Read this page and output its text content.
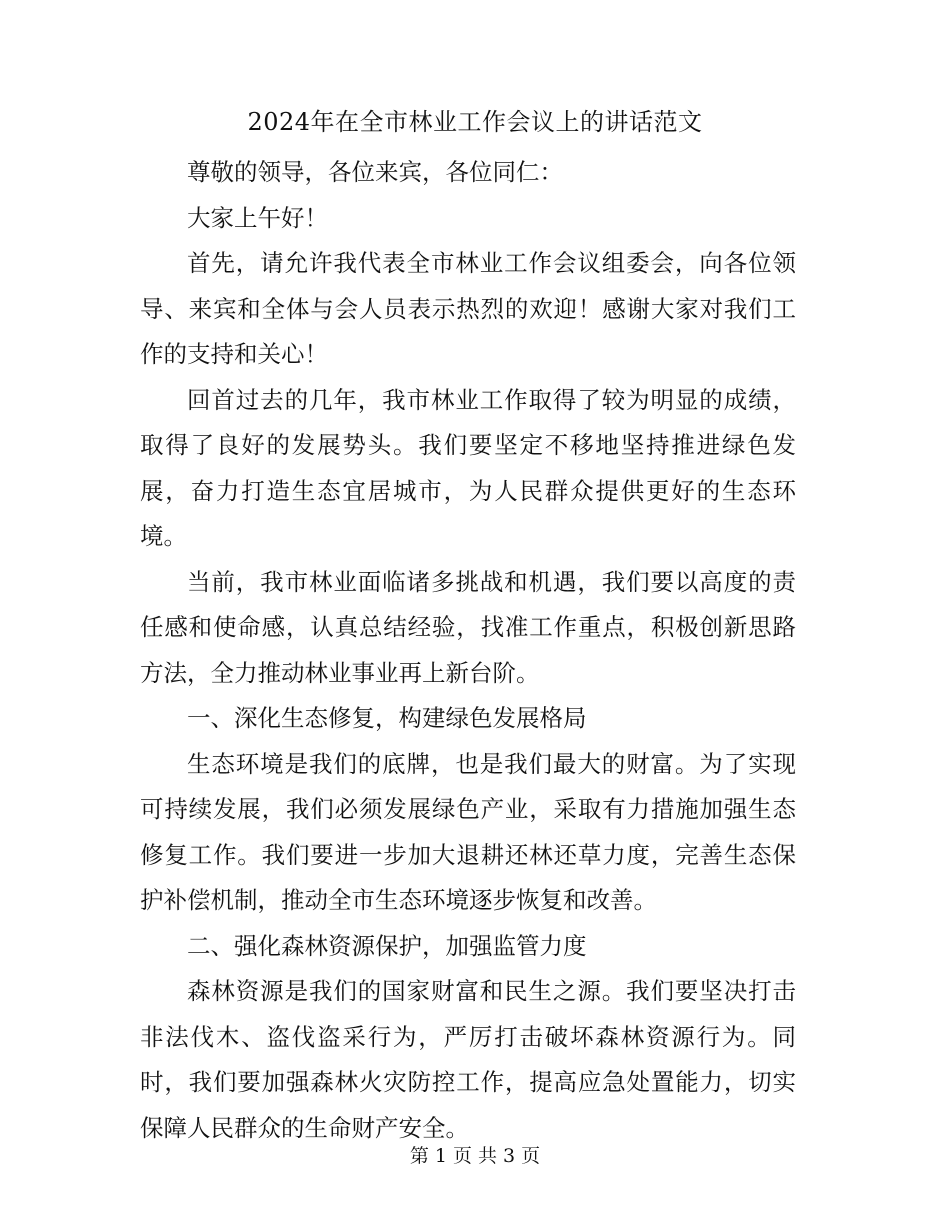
2024年在全市林业工作会议上的讲话范文

尊敬的领导，各位来宾，各位同仁：

大家上午好！

首先，请允许我代表全市林业工作会议组委会，向各位领导、来宾和全体与会人员表示热烈的欢迎！感谢大家对我们工作的支持和关心！

回首过去的几年，我市林业工作取得了较为明显的成绩，取得了良好的发展势头。我们要坚定不移地坚持推进绿色发展，奋力打造生态宜居城市，为人民群众提供更好的生态环境。

当前，我市林业面临诸多挑战和机遇，我们要以高度的责任感和使命感，认真总结经验，找准工作重点，积极创新思路方法，全力推动林业事业再上新台阶。

一、深化生态修复，构建绿色发展格局

生态环境是我们的底牌，也是我们最大的财富。为了实现可持续发展，我们必须发展绿色产业，采取有力措施加强生态修复工作。我们要进一步加大退耕还林还草力度，完善生态保护补偿机制，推动全市生态环境逐步恢复和改善。

二、强化森林资源保护，加强监管力度

森林资源是我们的国家财富和民生之源。我们要坚决打击非法伐木、盗伐盗采行为，严厉打击破坏森林资源行为。同时，我们要加强森林火灾防控工作，提高应急处置能力，切实保障人民群众的生命财产安全。

第 1 页 共 3 页
